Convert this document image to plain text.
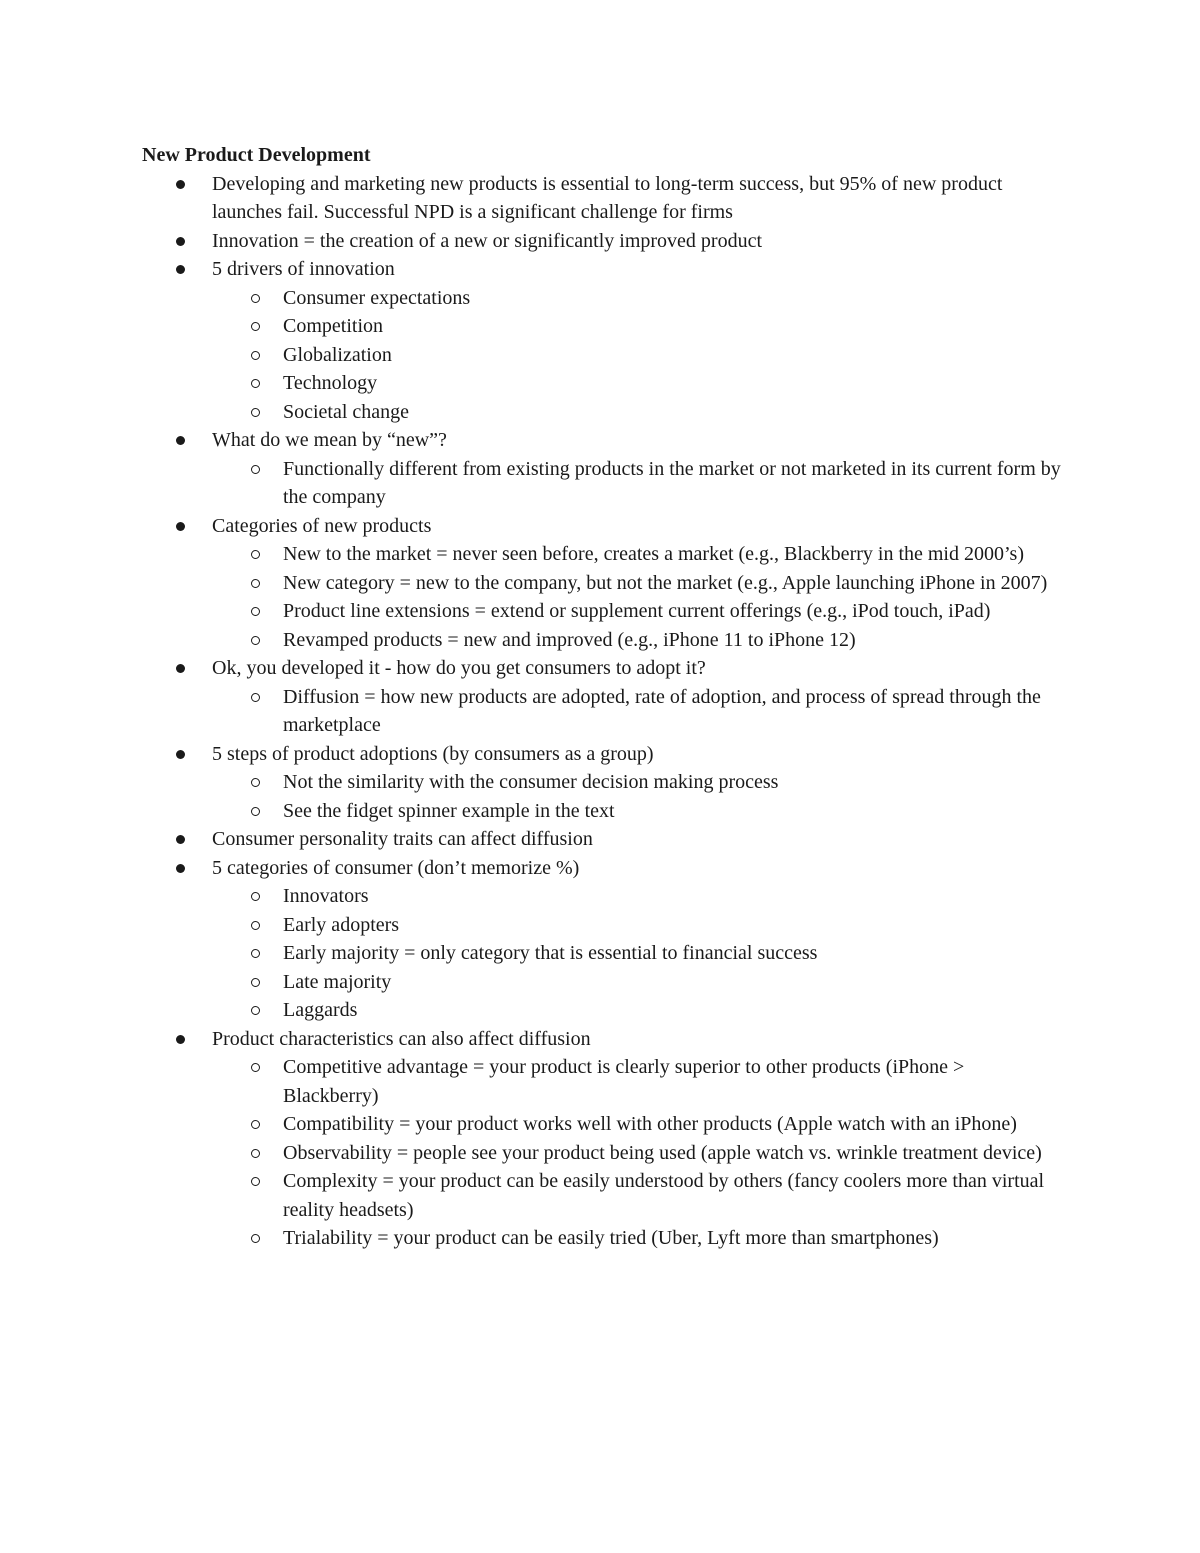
New Product Development
Developing and marketing new products is essential to long-term success, but 95% of new product launches fail. Successful NPD is a significant challenge for firms
Innovation = the creation of a new or significantly improved product
5 drivers of innovation
Consumer expectations
Competition
Globalization
Technology
Societal change
What do we mean by “new”?
Functionally different from existing products in the market or not marketed in its current form by the company
Categories of new products
New to the market = never seen before, creates a market (e.g., Blackberry in the mid 2000’s)
New category = new to the company, but not the market (e.g., Apple launching iPhone in 2007)
Product line extensions = extend or supplement current offerings (e.g., iPod touch, iPad)
Revamped products = new and improved (e.g., iPhone 11 to iPhone 12)
Ok, you developed it - how do you get consumers to adopt it?
Diffusion = how new products are adopted, rate of adoption, and process of spread through the marketplace
5 steps of product adoptions (by consumers as a group)
Not the similarity with the consumer decision making process
See the fidget spinner example in the text
Consumer personality traits can affect diffusion
5 categories of consumer (don’t memorize %)
Innovators
Early adopters
Early majority = only category that is essential to financial success
Late majority
Laggards
Product characteristics can also affect diffusion
Competitive advantage = your product is clearly superior to other products (iPhone > Blackberry)
Compatibility = your product works well with other products (Apple watch with an iPhone)
Observability = people see your product being used (apple watch vs. wrinkle treatment device)
Complexity = your product can be easily understood by others (fancy coolers more than virtual reality headsets)
Trialability = your product can be easily tried (Uber, Lyft more than smartphones)
